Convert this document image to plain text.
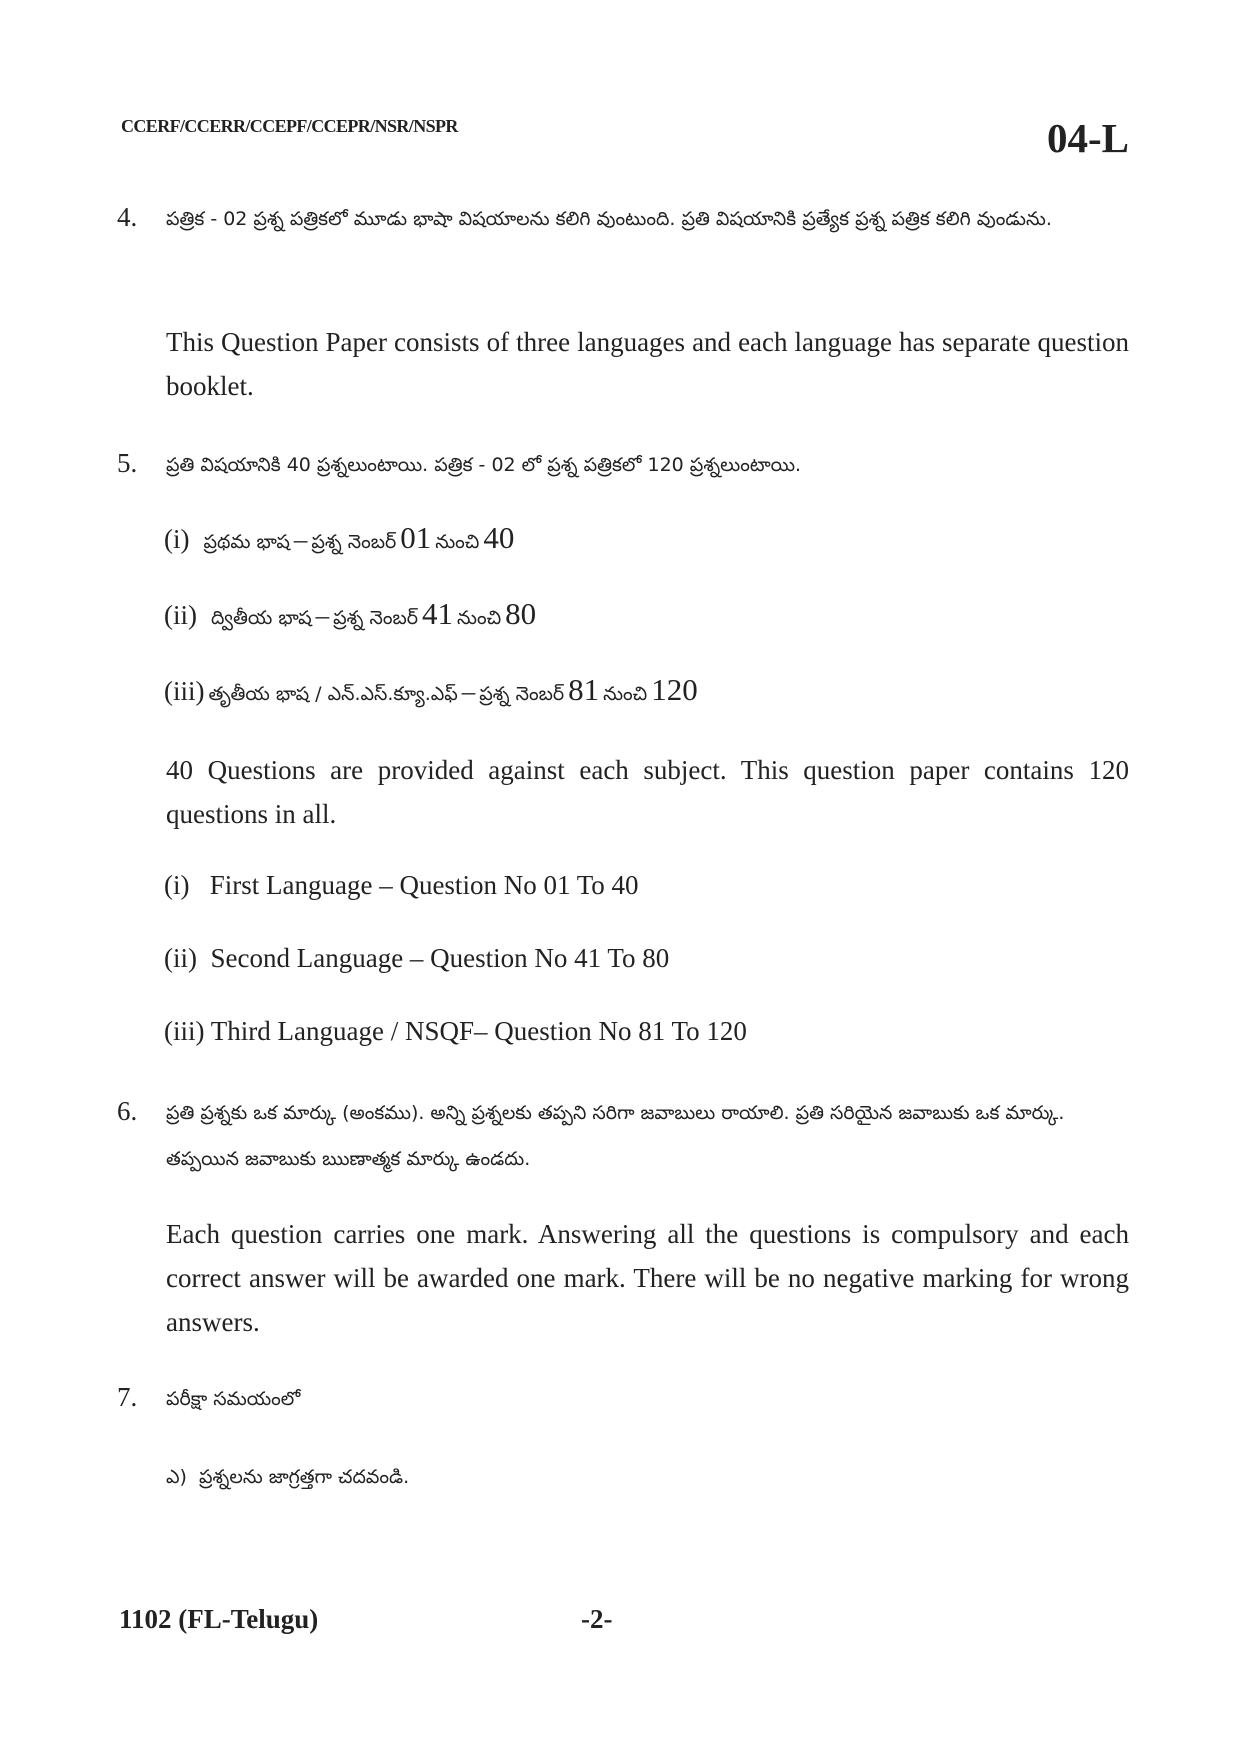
CCERF/CCERR/CCEPF/CCEPR/NSR/NSPR	04-L
4. పత్రిక - 02 ప్రశ్న పత్రికలో మూడు భాషా విషయాలను కలిగి వుంటుంది. ప్రతి విషయానికి ప్రత్యేక ప్రశ్న పత్రిక కలిగి వుండును.
This Question Paper consists of three languages and each language has separate question booklet.
5. ప్రతి విషయానికి 40 ప్రశ్నలుంటాయి. పత్రిక - 02 లో ప్రశ్న పత్రికలో 120 ప్రశ్నలుంటాయి.
(i) ప్రథమ భాష – ప్రశ్న నెంబర్ 01 నుంచి 40
(ii) ద్వితీయ భాష – ప్రశ్న నెంబర్ 41 నుంచి 80
(iii) తృతీయ భాష / ఎన్.ఎస్.క్యూ.ఎఫ్ – ప్రశ్న నెంబర్ 81 నుంచి 120
40 Questions are provided against each subject. This question paper contains 120 questions in all.
(i) First Language – Question No 01 To 40
(ii) Second Language – Question No 41 To 80
(iii) Third Language / NSQF– Question No 81 To 120
6. ప్రతి ప్రశ్నకు ఒక మార్కు (అంకము). అన్ని ప్రశ్నలకు తప్పని సరిగా జవాబులు రాయాలి. ప్రతి సరియైన జవాబుకు ఒక మార్కు. తప్పయిన జవాబుకు ఋణాత్మక మార్కు ఉండదు.
Each question carries one mark. Answering all the questions is compulsory and each correct answer will be awarded one mark. There will be no negative marking for wrong answers.
7. పరీక్షా సమయంలో
ఎ) ప్రశ్నలను జాగ్రత్తగా చదవండి.
1102 (FL-Telugu)	-2-
